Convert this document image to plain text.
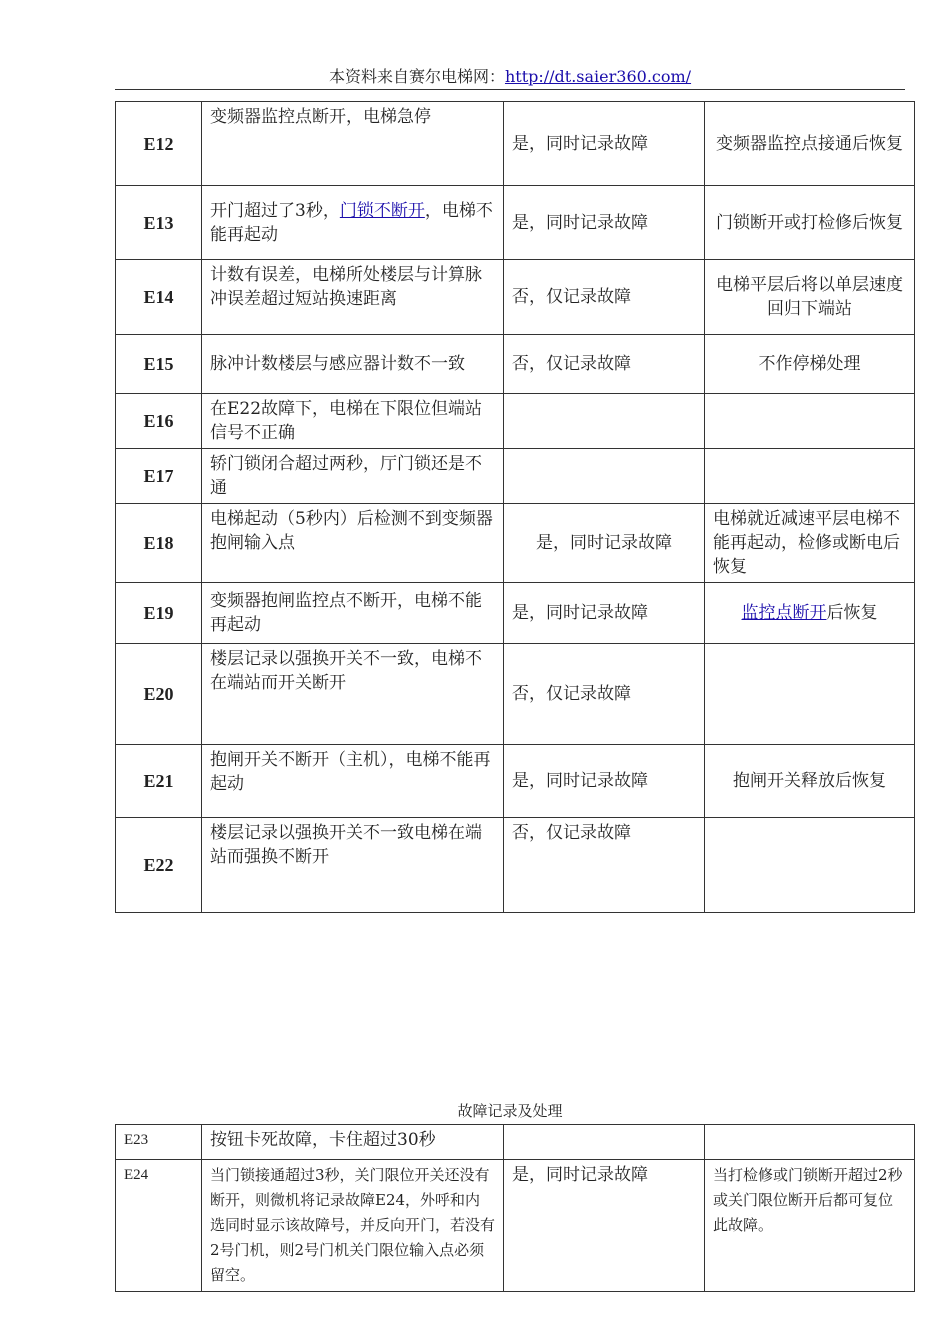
本资料来自赛尔电梯网：http://dt.saier360.com/
E12	变频器监控点断开，电梯急停	是，同时记录故障	变频器监控点接通后恢复
E13	开门超过了3秒，门锁不断开，电梯不能再起动	是，同时记录故障	门锁断开或打检修后恢复
E14	计数有误差，电梯所处楼层与计算脉冲误差超过短站换速距离	否，仅记录故障	电梯平层后将以单层速度回归下端站
E15	脉冲计数楼层与感应器计数不一致	否，仅记录故障	不作停梯处理
E16	在E22故障下，电梯在下限位但端站信号不正确		
E17	轿门锁闭合超过两秒，厅门锁还是不通		
E18	电梯起动（5秒内）后检测不到变频器抱闸输入点	是，同时记录故障	电梯就近减速平层电梯不能再起动，检修或断电后恢复
E19	变频器抱闸监控点不断开，电梯不能再起动	是，同时记录故障	监控点断开后恢复
E20	楼层记录以强换开关不一致，电梯不在端站而开关断开	否，仅记录故障	
E21	抱闸开关不断开（主机），电梯不能再起动	是，同时记录故障	抱闸开关释放后恢复
E22	楼层记录以强换开关不一致电梯在端站而强换不断开	否，仅记录故障	
故障记录及处理
E23	按钮卡死故障，卡住超过30秒		
E24	当门锁接通超过3秒，关门限位开关还没有断开，则微机将记录故障E24，外呼和内选同时显示该故障号，并反向开门，若没有2号门机，则2号门机关门限位输入点必须留空。	是，同时记录故障	当打检修或门锁断开超过2秒或关门限位断开后都可复位此故障。
